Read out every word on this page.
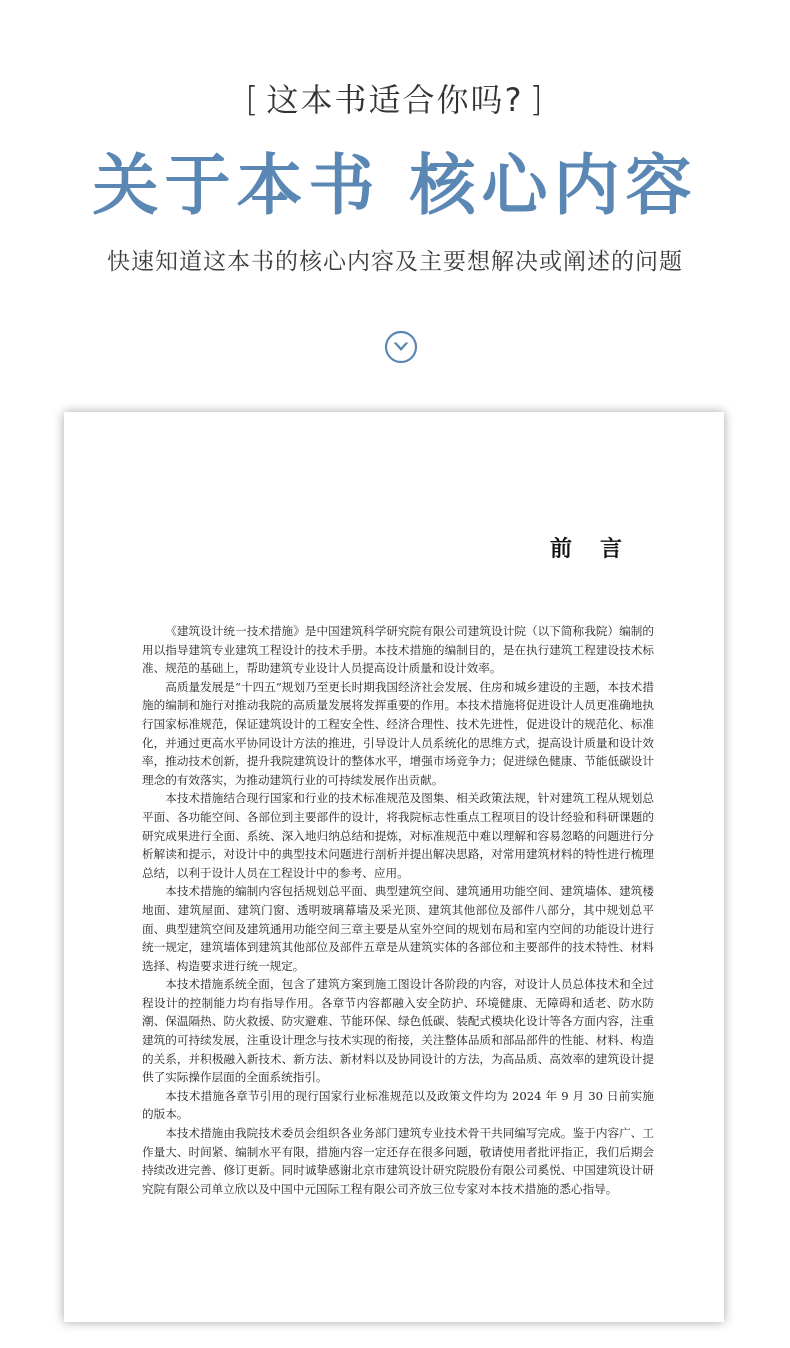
[ 这本书适合你吗? ]
关于本书 核心内容
快速知道这本书的核心内容及主要想解决或阐述的问题
前言

《建筑设计统一技术措施》是中国建筑科学研究院有限公司建筑设计院（以下简称我院）编制的用以指导建筑专业建筑工程设计的技术手册。本技术措施的编制目的，是在执行建筑工程建设技术标准、规范的基础上，帮助建筑专业设计人员提高设计质量和设计效率。

高质量发展是“十四五”规划乃至更长时期我国经济社会发展、住房和城乡建设的主题，本技术措施的编制和施行对推动我院的高质量发展将发挥重要的作用。本技术措施将促进设计人员更准确地执行国家标准规范，保证建筑设计的工程安全性、经济合理性、技术先进性，促进设计的规范化、标准化，并通过更高水平协同设计方法的推进，引导设计人员系统化的思维方式，提高设计质量和设计效率，推动技术创新，提升我院建筑设计的整体水平，增强市场竞争力；促进绿色健康、节能低碳设计理念的有效落实，为推动建筑行业的可持续发展作出贡献。

本技术措施结合现行国家和行业的技术标准规范及图集、相关政策法规，针对建筑工程从规划总平面、各功能空间、各部位到主要部件的设计，将我院标志性重点工程项目的设计经验和科研课题的研究成果进行全面、系统、深入地归纳总结和提炼，对标准规范中难以理解和容易忽略的问题进行分析解读和提示，对设计中的典型技术问题进行剖析并提出解决思路，对常用建筑材料的特性进行梳理总结，以利于设计人员在工程设计中的参考、应用。

本技术措施的编制内容包括规划总平面、典型建筑空间、建筑通用功能空间、建筑墙体、建筑楼地面、建筑屋面、建筑门窗、透明玻璃幕墙及采光顶、建筑其他部位及部件八部分，其中规划总平面、典型建筑空间及建筑通用功能空间三章主要是从室外空间的规划布局和室内空间的功能设计进行统一规定，建筑墙体到建筑其他部位及部件五章是从建筑实体的各部位和主要部件的技术特性、材料选择、构造要求进行统一规定。

本技术措施系统全面，包含了建筑方案到施工图设计各阶段的内容，对设计人员总体技术和全过程设计的控制能力均有指导作用。各章节内容都融入安全防护、环境健康、无障碍和适老、防水防潮、保温隔热、防火救援、防灾避难、节能环保、绿色低碳、装配式模块化设计等各方面内容，注重建筑的可持续发展，注重设计理念与技术实现的衔接，关注整体品质和部品部件的性能、材料、构造的关系，并积极融入新技术、新方法、新材料以及协同设计的方法，为高品质、高效率的建筑设计提供了实际操作层面的全面系统指引。

本技术措施各章节引用的现行国家行业标准规范以及政策文件均为 2024 年 9 月 30 日前实施的版本。

本技术措施由我院技术委员会组织各业务部门建筑专业技术骨干共同编写完成。鉴于内容广、工作量大、时间紧、编制水平有限，措施内容一定还存在很多问题，敬请使用者批评指正，我们后期会持续改进完善、修订更新。同时诚挚感谢北京市建筑设计研究院股份有限公司奚悦、中国建筑设计研究院有限公司单立欣以及中国中元国际工程有限公司齐放三位专家对本技术措施的悉心指导。
